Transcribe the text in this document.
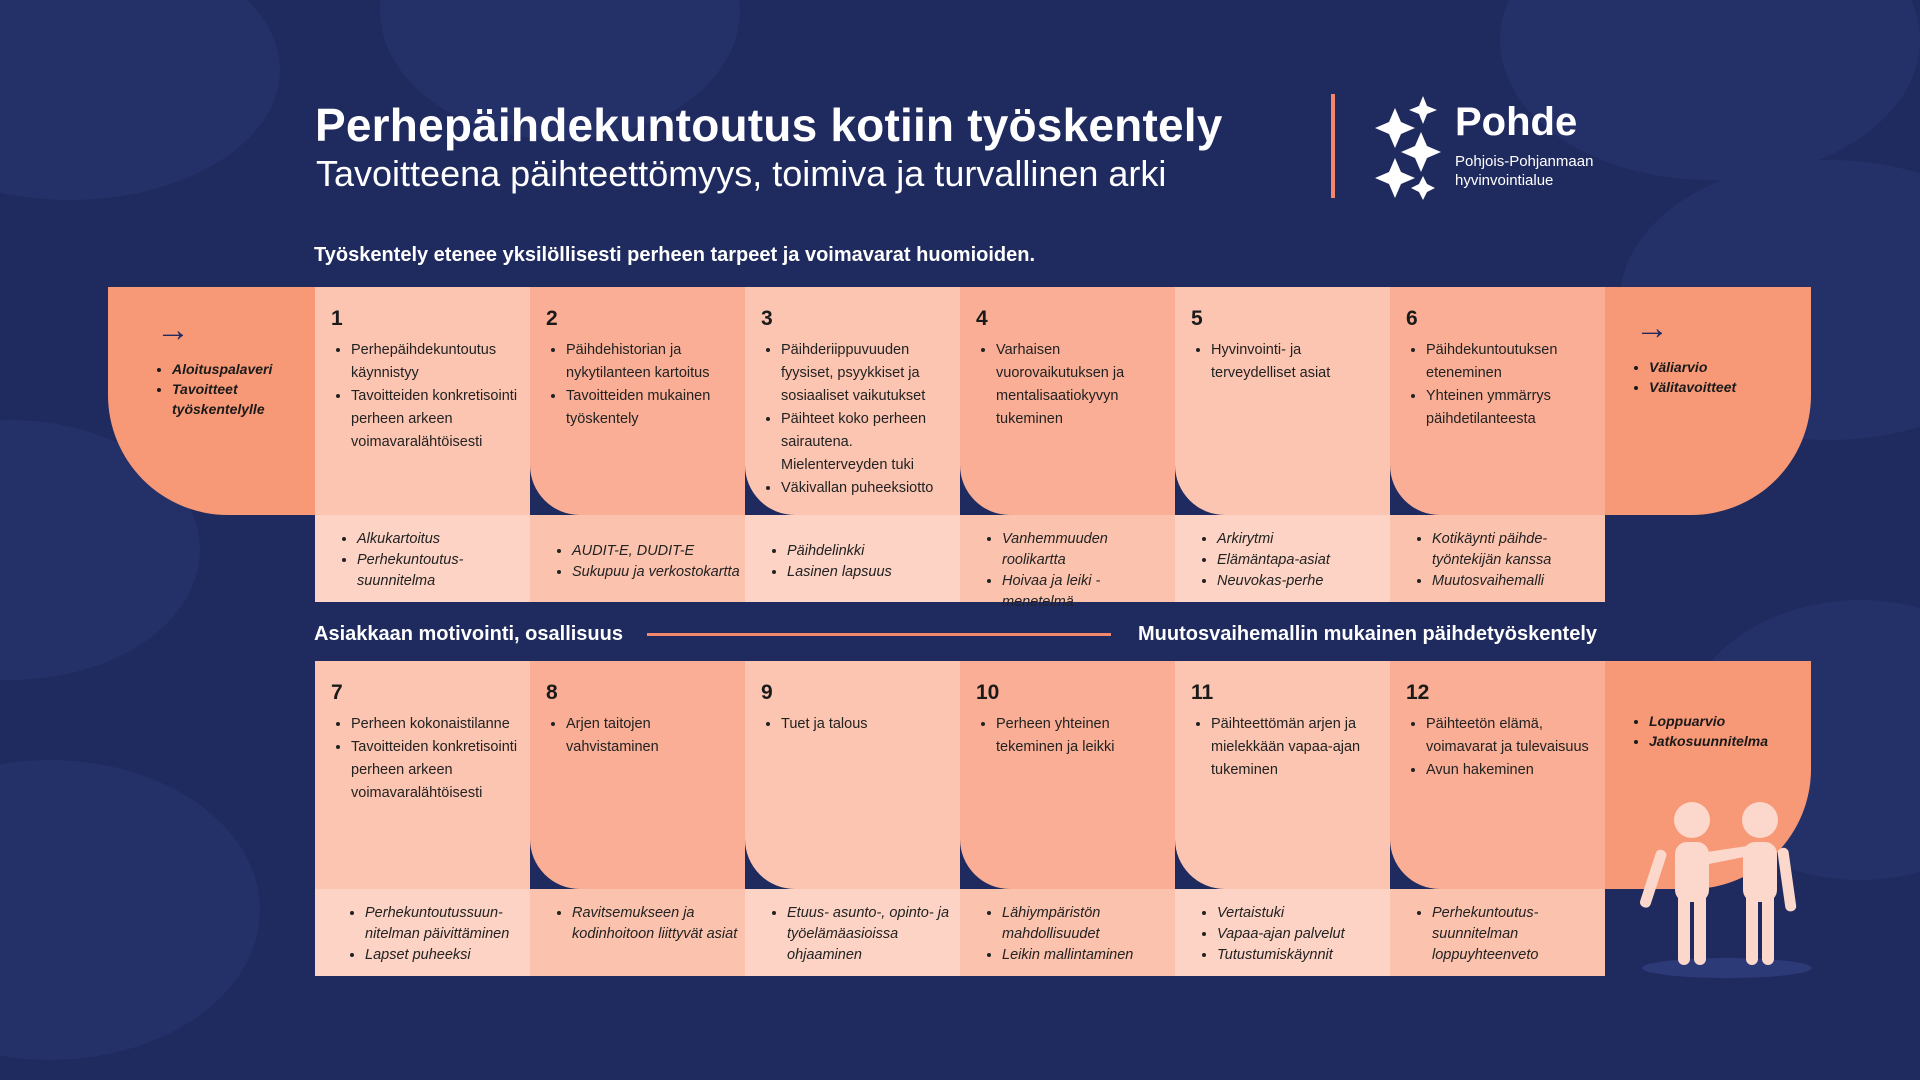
Perhepäihdekuntoutus kotiin työskentely
Tavoitteena päihteettömyys, toimiva ja turvallinen arki
Pohde
Pohjois-Pohjanmaan hyvinvointialue
Työskentely etenee yksilöllisesti perheen tarpeet ja voimavarat huomioiden.
→
• Aloituspalaveri
• Tavoitteet työskentelylle
→
• Väliarvio
• Välitavoitteet
1
• Perhepäihdekuntoutus käynnistyy
• Tavoitteiden konkretisointi perheen arkeen voimavaralähtöisesti
• Alkukartoitus
• Perhekuntoutus-suunnitelma
2
• Päihdehistorian ja nykytilanteen kartoitus
• Tavoitteiden mukainen työskentely
• AUDIT-E, DUDIT-E
• Sukupuu ja verkostokartta
3
• Päihderiippuvuuden fyysiset, psyykkiset ja sosiaaliset vaikutukset
• Päihteet koko perheen sairautena. Mielenterveyden tuki
• Väkivallan puheeksiotto
• Päihdelinkki
• Lasinen lapsuus
4
• Varhaisen vuorovaikutuksen ja mentalisaatiokyvyn tukeminen
• Vanhemmuuden roolikartta
• Hoivaa ja leiki -menetelmä
5
• Hyvinvointi- ja terveydelliset asiat
• Arkirytmi
• Elämäntapa-asiat
• Neuvokas-perhe
6
• Päihdekuntoutuksen eteneminen
• Yhteinen ymmärrys päihdetilanteesta
• Kotikäynti päihde-työntekijän kanssa
• Muutosvaihemalli
Asiakkaan motivointi, osallisuus	Muutosvaihemallin mukainen päihdetyöskentely
7
• Perheen kokonaistilanne
• Tavoitteiden konkretisointi perheen arkeen voimavaralähtöisesti
• Perhekuntoutussuun-nitelman päivittäminen
• Lapset puheeksi
8
• Arjen taitojen vahvistaminen
• Ravitsemukseen ja kodinhoitoon liittyvät asiat
9
• Tuet ja talous
• Etuus- asunto-, opinto- ja työelämäasioissa ohjaaminen
10
• Perheen yhteinen tekeminen ja leikki
• Lähiympäristön mahdollisuudet
• Leikin mallintaminen
11
• Päihteettömän arjen ja mielekkään vapaa-ajan tukeminen
• Vertaistuki
• Vapaa-ajan palvelut
• Tutustumiskäynnit
12
• Päihteetön elämä, voimavarat ja tulevaisuus
• Avun hakeminen
• Perhekuntoutus-suunnitelman loppuyhteenveto
• Loppuarvio
• Jatkosuunnitelma
